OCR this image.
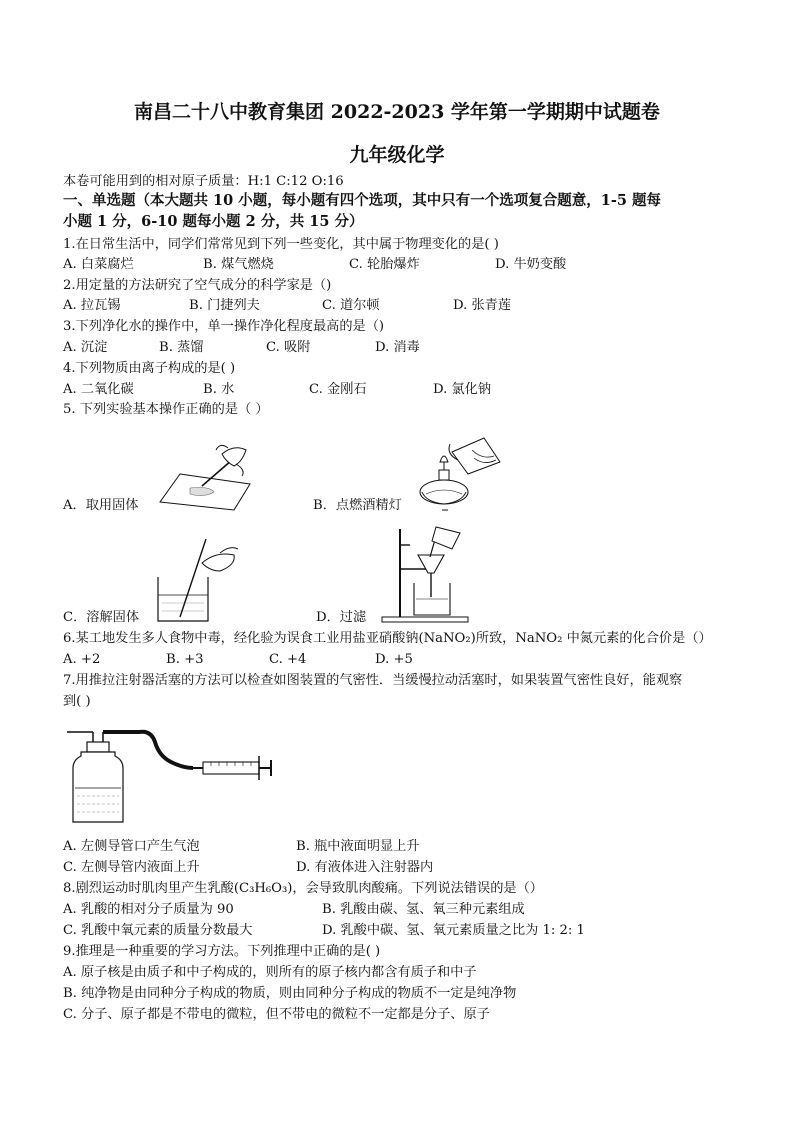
南昌二十八中教育集团 2022-2023 学年第一学期期中试题卷
九年级化学
本卷可能用到的相对原子质量：H:1 C:12 O:16
一、单选题（本大题共 10 小题，每小题有四个选项，其中只有一个选项复合题意，1-5 题每
小题 1 分，6-10 题每小题 2 分，共 15 分）
1.在日常生活中，同学们常常见到下列一些变化，其中属于物理变化的是( )
A. 白菜腐烂	B. 煤气燃烧	C. 轮胎爆炸	D. 牛奶变酸
2.用定量的方法研究了空气成分的科学家是（)
A. 拉瓦锡	B. 门捷列夫	C. 道尔顿	D. 张青莲
3.下列净化水的操作中，单一操作净化程度最高的是（)
A. 沉淀	B. 蒸馏	C. 吸附	D. 消毒
4.下列物质由离子构成的是( )
A. 二氧化碳	B. 水	C. 金刚石	D. 氯化钠
5. 下列实验基本操作正确的是（ ）
A．取用固体	B．点燃酒精灯
C．溶解固体	D．过滤
6.某工地发生多人食物中毒，经化验为误食工业用盐亚硝酸钠(NaNO₂)所致，NaNO₂ 中氮元素的化合价是（）
A. +2	B. +3	C. +4	D. +5
7.用推拉注射器活塞的方法可以检查如图装置的气密性．当缓慢拉动活塞时，如果装置气密性良好，能观察
到( )
A. 左侧导管口产生气泡	B. 瓶中液面明显上升
C. 左侧导管内液面上升	D. 有液体进入注射器内
8.剧烈运动时肌肉里产生乳酸(C₃H₆O₃)，会导致肌肉酸痛。下列说法错误的是（）
A. 乳酸的相对分子质量为 90	B. 乳酸由碳、氢、氧三种元素组成
C. 乳酸中氧元素的质量分数最大	D. 乳酸中碳、氢、氧元素质量之比为 1: 2: 1
9.推理是一种重要的学习方法。下列推理中正确的是( )
A. 原子核是由质子和中子构成的，则所有的原子核内都含有质子和中子
B. 纯净物是由同种分子构成的物质，则由同种分子构成的物质不一定是纯净物
C. 分子、原子都是不带电的微粒，但不带电的微粒不一定都是分子、原子
